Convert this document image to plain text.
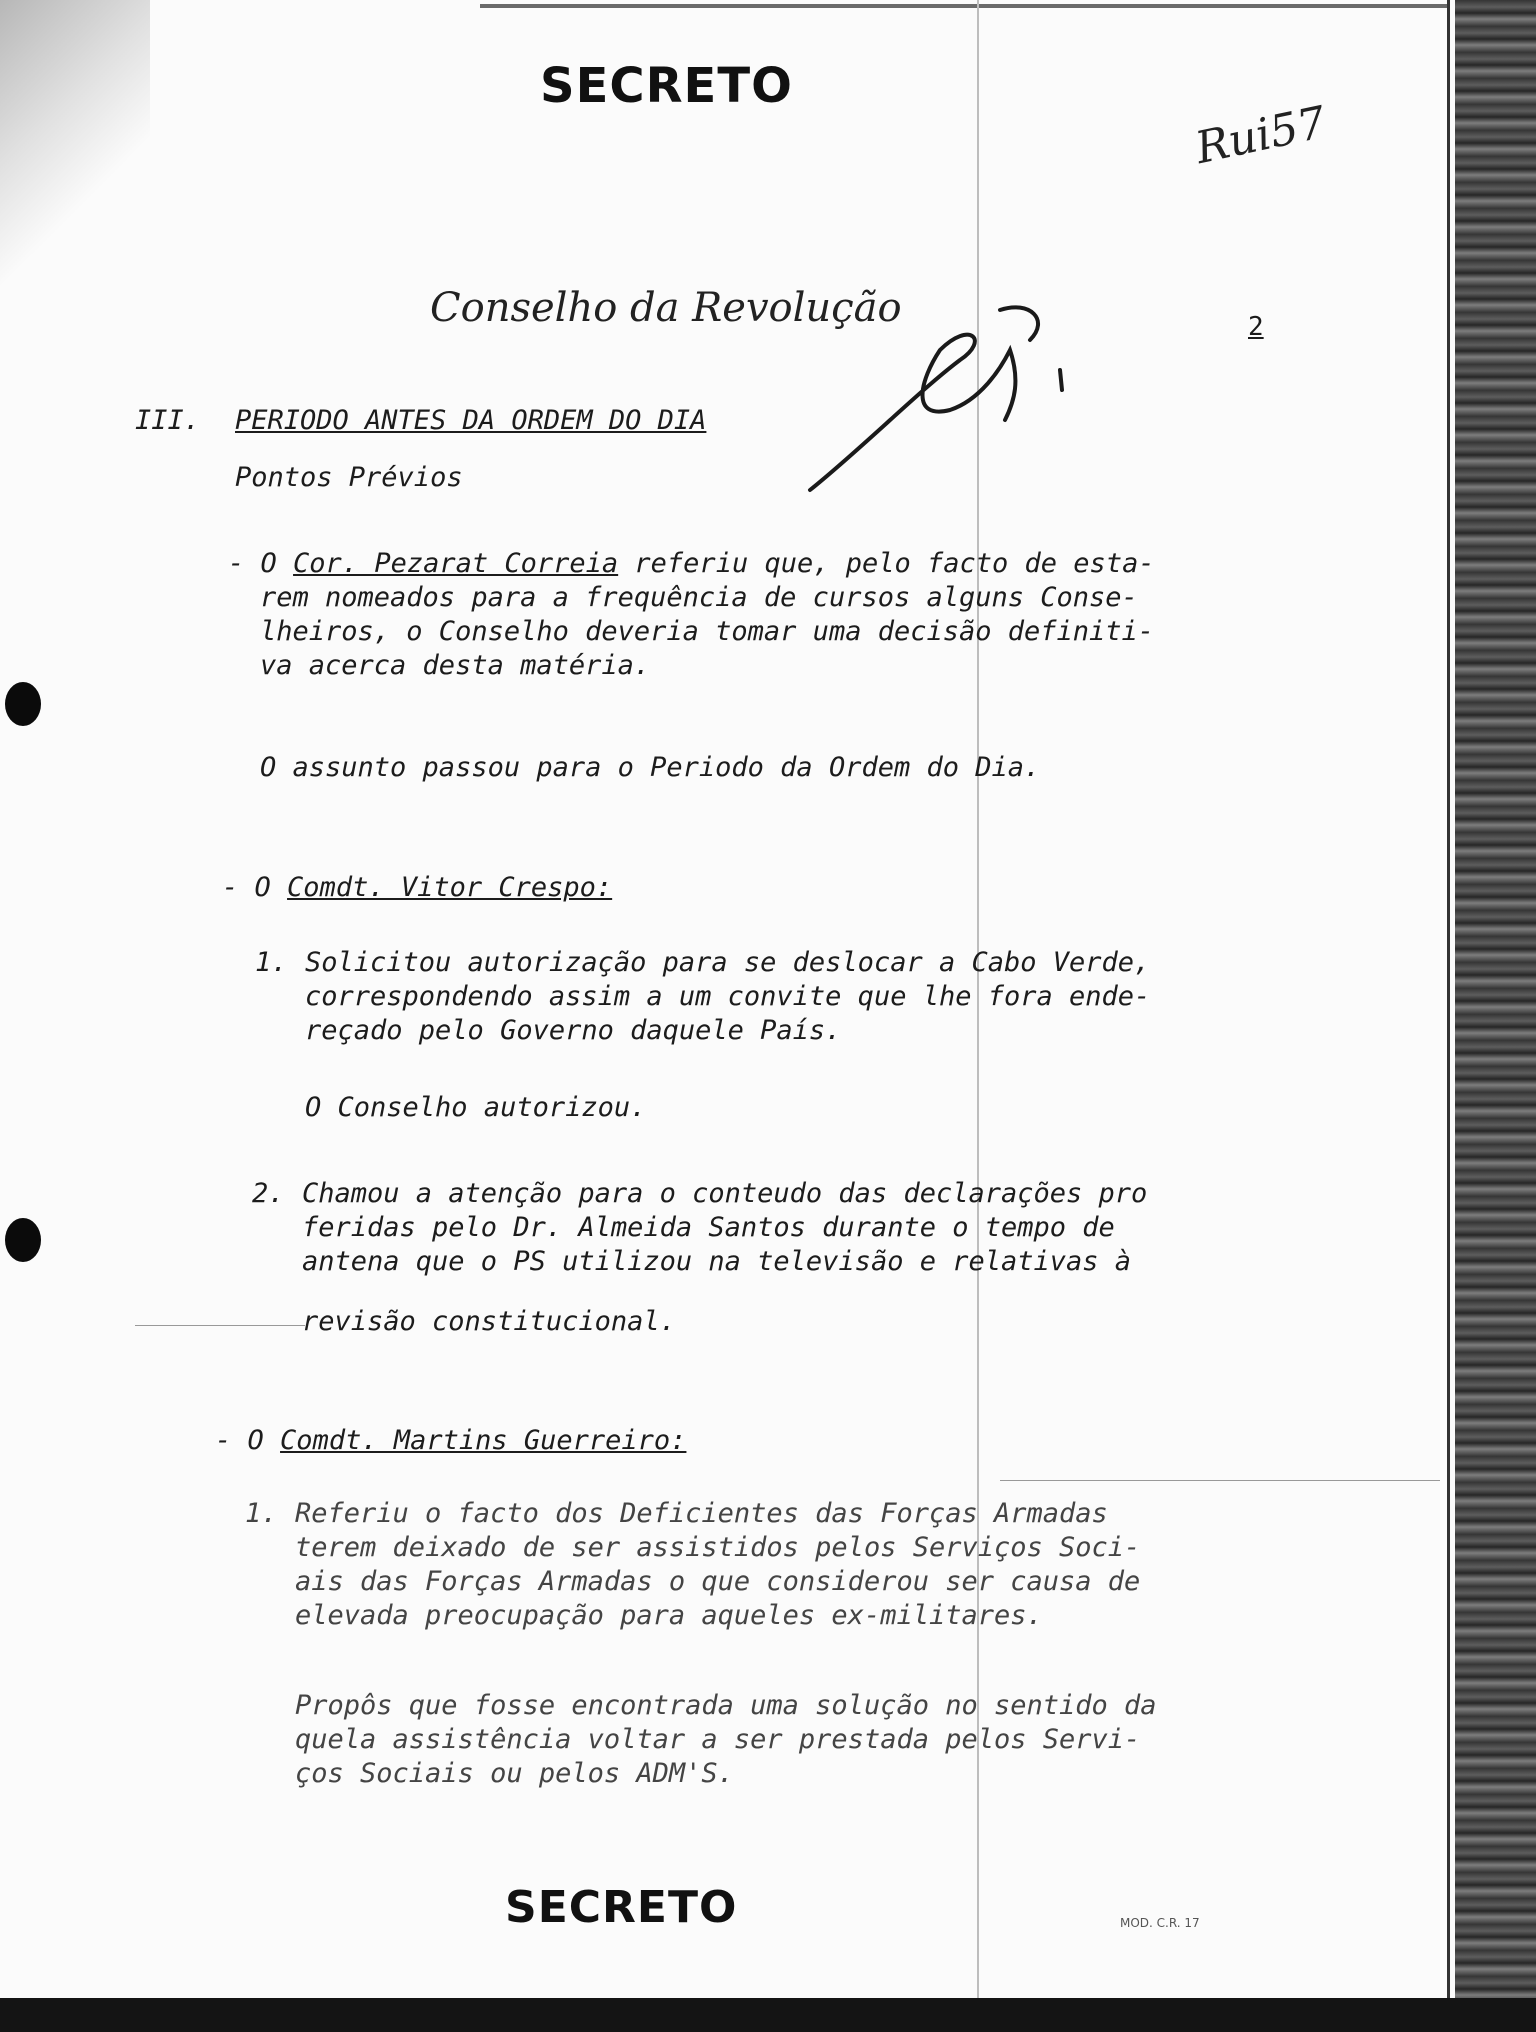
SECRETO
Rui57
Conselho da Revolução	2
III. PERIODO ANTES DA ORDEM DO DIA
Pontos Prévios
- O Cor. Pezarat Correia referiu que, pelo facto de esta-
rem nomeados para a frequência de cursos alguns Conse-
lheiros, o Conselho deveria tomar uma decisão definiti-
va acerca desta matéria.
O assunto passou para o Periodo da Ordem do Dia.
- O Comdt. Vitor Crespo:
1. Solicitou autorização para se deslocar a Cabo Verde,
correspondendo assim a um convite que lhe fora ende-
reçado pelo Governo daquele País.
O Conselho autorizou.
2. Chamou a atenção para o conteudo das declarações pro
feridas pelo Dr. Almeida Santos durante o tempo de
antena que o PS utilizou na televisão e relativas à
revisão constitucional.
- O Comdt. Martins Guerreiro:
1. Referiu o facto dos Deficientes das Forças Armadas
terem deixado de ser assistidos pelos Serviços Soci-
ais das Forças Armadas o que considerou ser causa de
elevada preocupação para aqueles ex-militares.
Propôs que fosse encontrada uma solução no sentido da
quela assistência voltar a ser prestada pelos Servi-
ços Sociais ou pelos ADM'S.
SECRETO	MOD. C.R. 17
